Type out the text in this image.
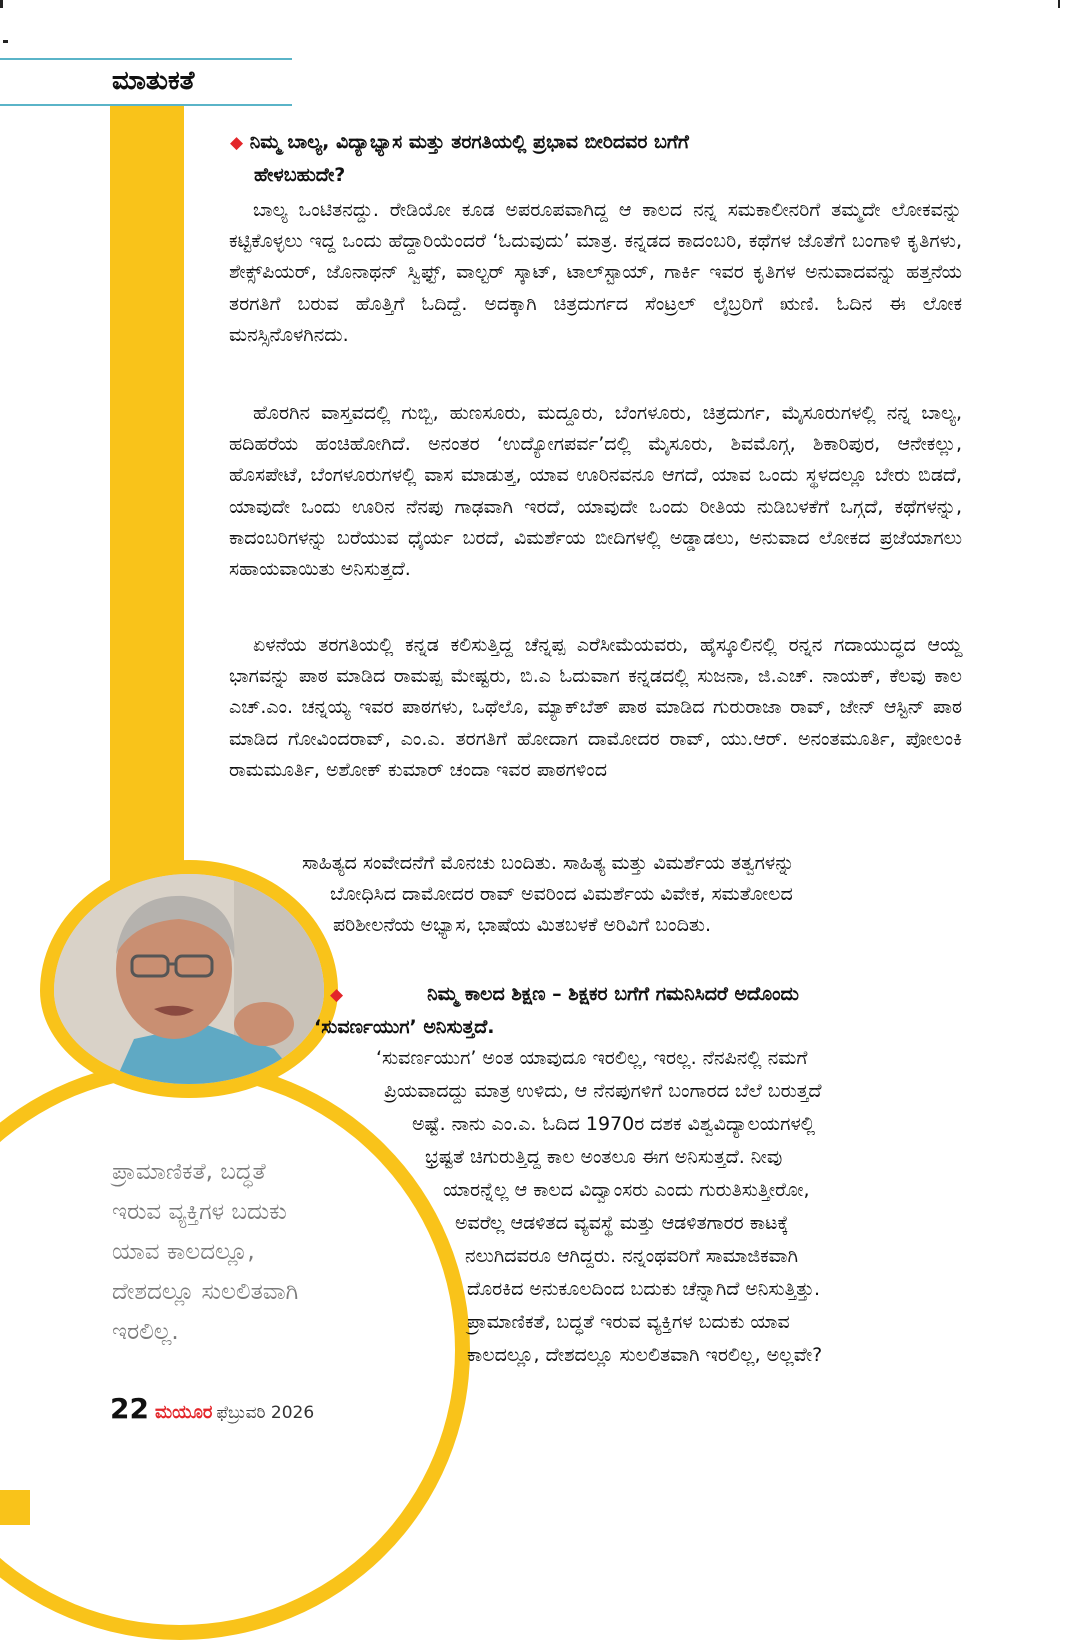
ಮಾತುಕತೆ
◆ ನಿಮ್ಮ ಬಾಲ್ಯ, ವಿದ್ಯಾಭ್ಯಾಸ ಮತ್ತು ತರಗತಿಯಲ್ಲಿ ಪ್ರಭಾವ ಬೀರಿದವರ ಬಗೆಗೆ
ಹೇಳಬಹುದೇ?
ಬಾಲ್ಯ ಒಂಟಿತನದ್ದು. ರೇಡಿಯೋ ಕೂಡ ಅಪರೂಪವಾಗಿದ್ದ ಆ ಕಾಲದ ನನ್ನ ಸಮಕಾಲೀನರಿಗೆ ತಮ್ಮದೇ ಲೋಕವನ್ನು ಕಟ್ಟಿಕೊಳ್ಳಲು ಇದ್ದ ಒಂದು ಹೆದ್ದಾರಿಯೆಂದರೆ ‘ಓದುವುದು’ ಮಾತ್ರ. ಕನ್ನಡದ ಕಾದಂಬರಿ, ಕಥೆಗಳ ಜೊತೆಗೆ ಬಂಗಾಳಿ ಕೃತಿಗಳು, ಶೇಕ್ಸ್‌ಪಿಯರ್, ಜೊನಾಥನ್ ಸ್ವಿಫ್ಟ್, ವಾಲ್ಟರ್ ಸ್ಕಾಟ್, ಟಾಲ್‌ಸ್ಟಾಯ್, ಗಾರ್ಕಿ ಇವರ ಕೃತಿಗಳ ಅನುವಾದವನ್ನು ಹತ್ತನೆಯ ತರಗತಿಗೆ ಬರುವ ಹೊತ್ತಿಗೆ ಓದಿದ್ದೆ. ಅದಕ್ಕಾಗಿ ಚಿತ್ರದುರ್ಗದ ಸೆಂಟ್ರಲ್ ಲೈಬ್ರರಿಗೆ ಋಣಿ. ಓದಿನ ಈ ಲೋಕ ಮನಸ್ಸಿನೊಳಗಿನದು.
ಹೊರಗಿನ ವಾಸ್ತವದಲ್ಲಿ ಗುಬ್ಬಿ, ಹುಣಸೂರು, ಮದ್ದೂರು, ಬೆಂಗಳೂರು, ಚಿತ್ರದುರ್ಗ, ಮೈಸೂರುಗಳಲ್ಲಿ ನನ್ನ ಬಾಲ್ಯ, ಹದಿಹರೆಯ ಹಂಚಿಹೋಗಿದೆ. ಅನಂತರ ‘ಉದ್ಯೋಗಪರ್ವ’ದಲ್ಲಿ ಮೈಸೂರು, ಶಿವಮೊಗ್ಗ, ಶಿಕಾರಿಪುರ, ಆನೇಕಲ್ಲು, ಹೊಸಪೇಟೆ, ಬೆಂಗಳೂರುಗಳಲ್ಲಿ ವಾಸ ಮಾಡುತ್ತ, ಯಾವ ಊರಿನವನೂ ಆಗದೆ, ಯಾವ ಒಂದು ಸ್ಥಳದಲ್ಲೂ ಬೇರು ಬಿಡದೆ, ಯಾವುದೇ ಒಂದು ಊರಿನ ನೆನಪು ಗಾಢವಾಗಿ ಇರದೆ, ಯಾವುದೇ ಒಂದು ರೀತಿಯ ನುಡಿಬಳಕೆಗೆ ಒಗ್ಗದೆ, ಕಥೆಗಳನ್ನು, ಕಾದಂಬರಿಗಳನ್ನು ಬರೆಯುವ ಧೈರ್ಯ ಬರದೆ, ವಿಮರ್ಶೆಯ ಬೀದಿಗಳಲ್ಲಿ ಅಡ್ಡಾಡಲು, ಅನುವಾದ ಲೋಕದ ಪ್ರಜೆಯಾಗಲು ಸಹಾಯವಾಯಿತು ಅನಿಸುತ್ತದೆ.
ಏಳನೆಯ ತರಗತಿಯಲ್ಲಿ ಕನ್ನಡ ಕಲಿಸುತ್ತಿದ್ದ ಚೆನ್ನಪ್ಪ ಎರೆಸೀಮೆಯವರು, ಹೈಸ್ಕೂಲಿನಲ್ಲಿ ರನ್ನನ ಗದಾಯುದ್ಧದ ಆಯ್ದ ಭಾಗವನ್ನು ಪಾಠ ಮಾಡಿದ ರಾಮಪ್ಪ ಮೇಷ್ಟರು, ಬಿ.ಎ ಓದುವಾಗ ಕನ್ನಡದಲ್ಲಿ ಸುಜನಾ, ಜಿ.ಎಚ್. ನಾಯಕ್, ಕೆಲವು ಕಾಲ ಎಚ್.ಎಂ. ಚನ್ನಯ್ಯ ಇವರ ಪಾಠಗಳು, ಒಥೆಲೊ, ಮ್ಯಾಕ್‌ಬೆತ್ ಪಾಠ ಮಾಡಿದ ಗುರುರಾಜಾ ರಾವ್, ಜೇನ್ ಆಸ್ಟಿನ್ ಪಾಠ ಮಾಡಿದ ಗೋವಿಂದರಾವ್, ಎಂ.ಎ. ತರಗತಿಗೆ ಹೋದಾಗ ದಾಮೋದರ ರಾವ್, ಯು.ಆರ್. ಅನಂತಮೂರ್ತಿ, ಪೋಲಂಕಿ ರಾಮಮೂರ್ತಿ, ಅಶೋಕ್ ಕುಮಾರ್ ಚಂದಾ ಇವರ ಪಾಠಗಳಿಂದ
ಸಾಹಿತ್ಯದ ಸಂವೇದನೆಗೆ ಮೊನಚು ಬಂದಿತು. ಸಾಹಿತ್ಯ ಮತ್ತು ವಿಮರ್ಶೆಯ ತತ್ವಗಳನ್ನು
ಬೋಧಿಸಿದ ದಾಮೋದರ ರಾವ್ ಅವರಿಂದ ವಿಮರ್ಶೆಯ ವಿವೇಕ, ಸಮತೋಲದ
ಪರಿಶೀಲನೆಯ ಅಭ್ಯಾಸ, ಭಾಷೆಯ ಮಿತಬಳಕೆ ಅರಿವಿಗೆ ಬಂದಿತು.
◆	ನಿಮ್ಮ ಕಾಲದ ಶಿಕ್ಷಣ – ಶಿಕ್ಷಕರ ಬಗೆಗೆ ಗಮನಿಸಿದರೆ ಅದೊಂದು
‘ಸುವರ್ಣಯುಗ’ ಅನಿಸುತ್ತದೆ.
‘ಸುವರ್ಣಯುಗ’ ಅಂತ ಯಾವುದೂ ಇರಲಿಲ್ಲ, ಇರಲ್ಲ. ನೆನಪಿನಲ್ಲಿ ನಮಗೆ
ಪ್ರಿಯವಾದದ್ದು ಮಾತ್ರ ಉಳಿದು, ಆ ನೆನಪುಗಳಿಗೆ ಬಂಗಾರದ ಬೆಲೆ ಬರುತ್ತದೆ
ಅಷ್ಟೆ. ನಾನು ಎಂ.ಎ. ಓದಿದ 1970ರ ದಶಕ ವಿಶ್ವವಿದ್ಯಾಲಯಗಳಲ್ಲಿ
ಭ್ರಷ್ಟತೆ ಚಿಗುರುತ್ತಿದ್ದ ಕಾಲ ಅಂತಲೂ ಈಗ ಅನಿಸುತ್ತದೆ. ನೀವು
ಯಾರನ್ನೆಲ್ಲ ಆ ಕಾಲದ ವಿದ್ವಾಂಸರು ಎಂದು ಗುರುತಿಸುತ್ತೀರೋ,
ಅವರೆಲ್ಲ ಆಡಳಿತದ ವ್ಯವಸ್ಥೆ ಮತ್ತು ಆಡಳಿತಗಾರರ ಕಾಟಕ್ಕೆ
ನಲುಗಿದವರೂ ಆಗಿದ್ದರು. ನನ್ನಂಥವರಿಗೆ ಸಾಮಾಜಿಕವಾಗಿ
ದೊರಕಿದ ಅನುಕೂಲದಿಂದ ಬದುಕು ಚೆನ್ನಾಗಿದೆ ಅನಿಸುತ್ತಿತ್ತು.
ಪ್ರಾಮಾಣಿಕತೆ, ಬದ್ಧತೆ ಇರುವ ವ್ಯಕ್ತಿಗಳ ಬದುಕು ಯಾವ
ಕಾಲದಲ್ಲೂ, ದೇಶದಲ್ಲೂ ಸುಲಲಿತವಾಗಿ ಇರಲಿಲ್ಲ, ಅಲ್ಲವೇ?
ಪ್ರಾಮಾಣಿಕತೆ, ಬದ್ಧತೆ
ಇರುವ ವ್ಯಕ್ತಿಗಳ ಬದುಕು
ಯಾವ ಕಾಲದಲ್ಲೂ,
ದೇಶದಲ್ಲೂ ಸುಲಲಿತವಾಗಿ
ಇರಲಿಲ್ಲ.
22 ಮಯೂರ ಫೆಬ್ರುವರಿ 2026
